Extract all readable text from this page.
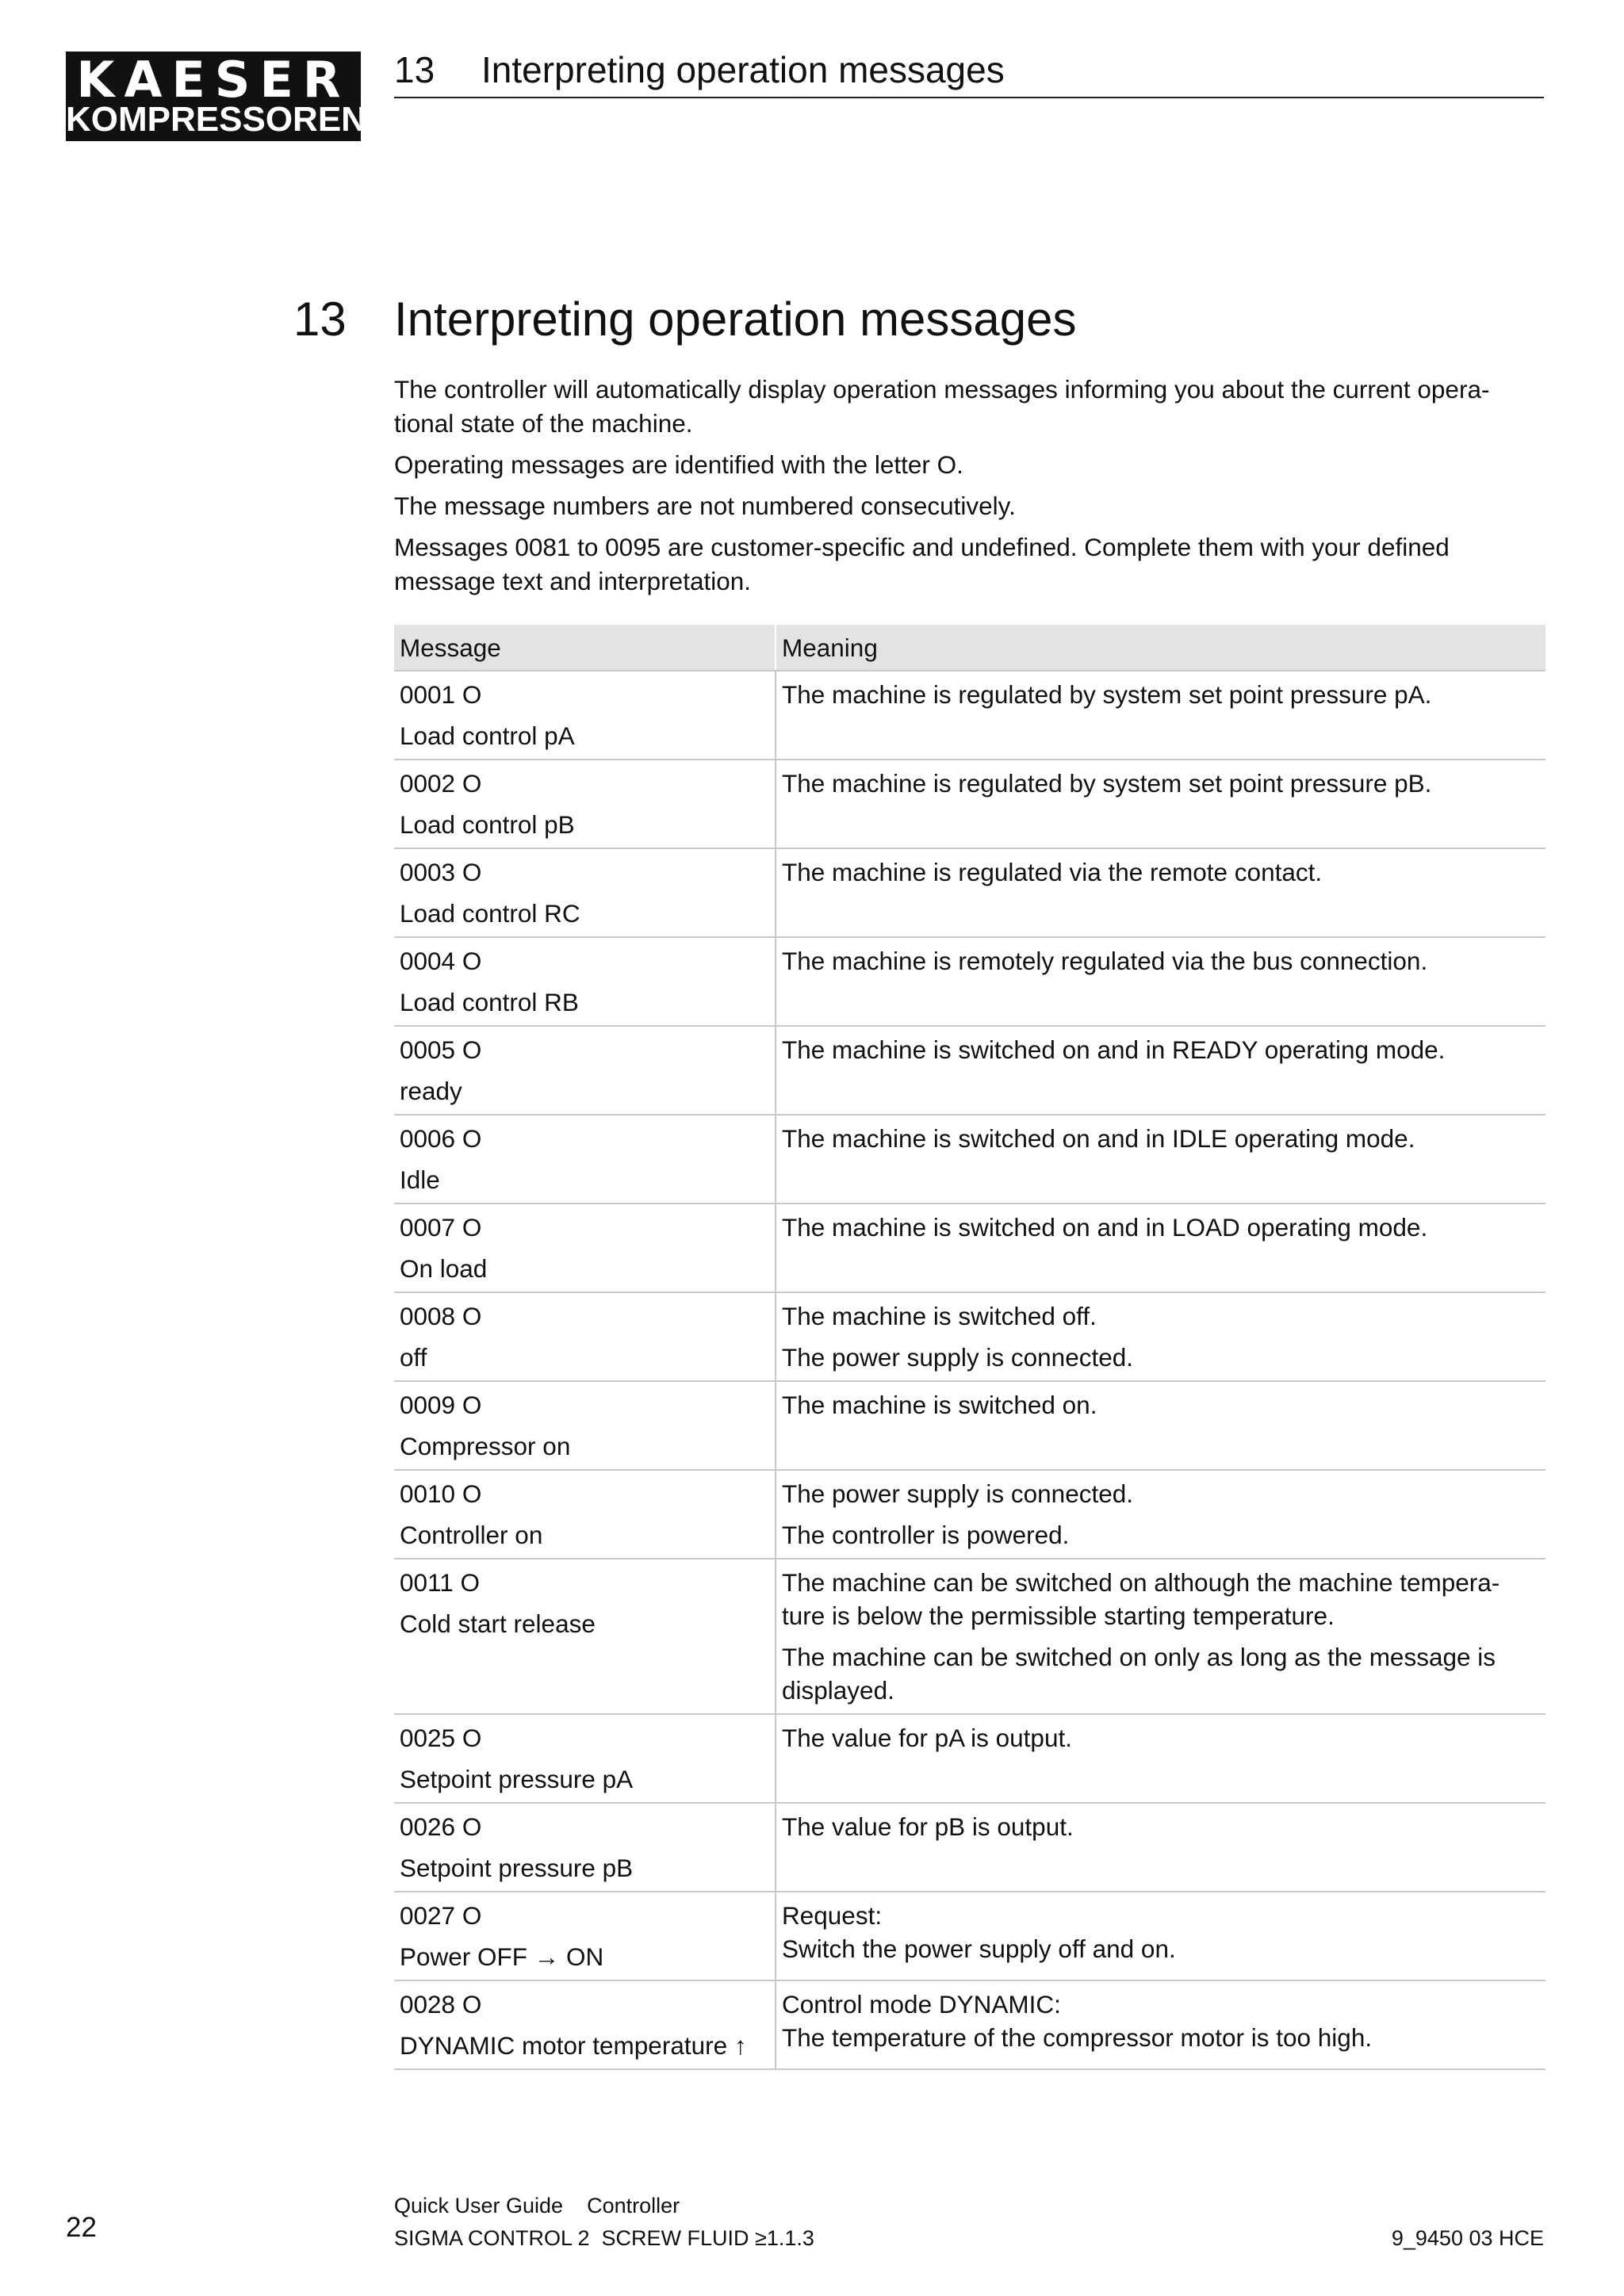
KAESER
KOMPRESSOREN
13 Interpreting operation messages
13 Interpreting operation messages

The controller will automatically display operation messages informing you about the current opera-tional state of the machine.

Operating messages are identified with the letter O.

The message numbers are not numbered consecutively.

Messages 0081 to 0095 are customer-specific and undefined. Complete them with your defined message text and interpretation.

Message	Meaning

0001 O
Load control pA	The machine is regulated by system set point pressure pA.

0002 O
Load control pB	The machine is regulated by system set point pressure pB.

0003 O
Load control RC	The machine is regulated via the remote contact.

0004 O
Load control RB	The machine is remotely regulated via the bus connection.

0005 O
ready	The machine is switched on and in READY operating mode.

0006 O
Idle	The machine is switched on and in IDLE operating mode.

0007 O
On load	The machine is switched on and in LOAD operating mode.

0008 O
off	The machine is switched off.
The power supply is connected.

0009 O
Compressor on	The machine is switched on.

0010 O
Controller on	The power supply is connected.
The controller is powered.

0011 O
Cold start release	The machine can be switched on although the machine tempera-ture is below the permissible starting temperature.
The machine can be switched on only as long as the message is displayed.

0025 O
Setpoint pressure pA	The value for pA is output.

0026 O
Setpoint pressure pB	The value for pB is output.

0027 O
Power OFF → ON	Request:
Switch the power supply off and on.

0028 O
DYNAMIC motor temperature ↑	Control mode DYNAMIC:
The temperature of the compressor motor is too high.
22
Quick User Guide Controller
SIGMA CONTROL 2  SCREW FLUID ≥1.1.3	9_9450 03 HCE
